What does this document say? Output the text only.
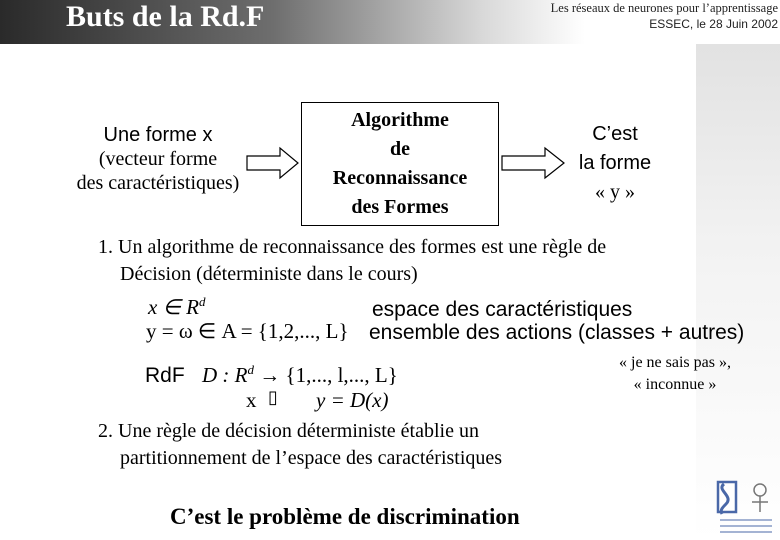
Buts de la Rd.F	Les réseaux de neurones pour l’apprentissage
ESSEC, le 28 Juin 2002
Une forme x
(vecteur forme
des caractéristiques)
Algorithme
de
Reconnaissance
des Formes
C’est
la forme
« y »
1. Un algorithme de reconnaissance des formes est une règle de
Décision (déterministe dans le cours)
x ∈ $R^d$	espace des caractéristiques
y = ω ∈ A = {1,2,..., L} ensemble des actions (classes + autres)
RdF D : $R^d \to \{1$,..., l,..., L}
x ▯ y = D(x)
« je ne sais pas »,
« inconnue »
2. Une règle de décision déterministe établie un
partitionnement de l’espace des caractéristiques
C’est le problème de discrimination
